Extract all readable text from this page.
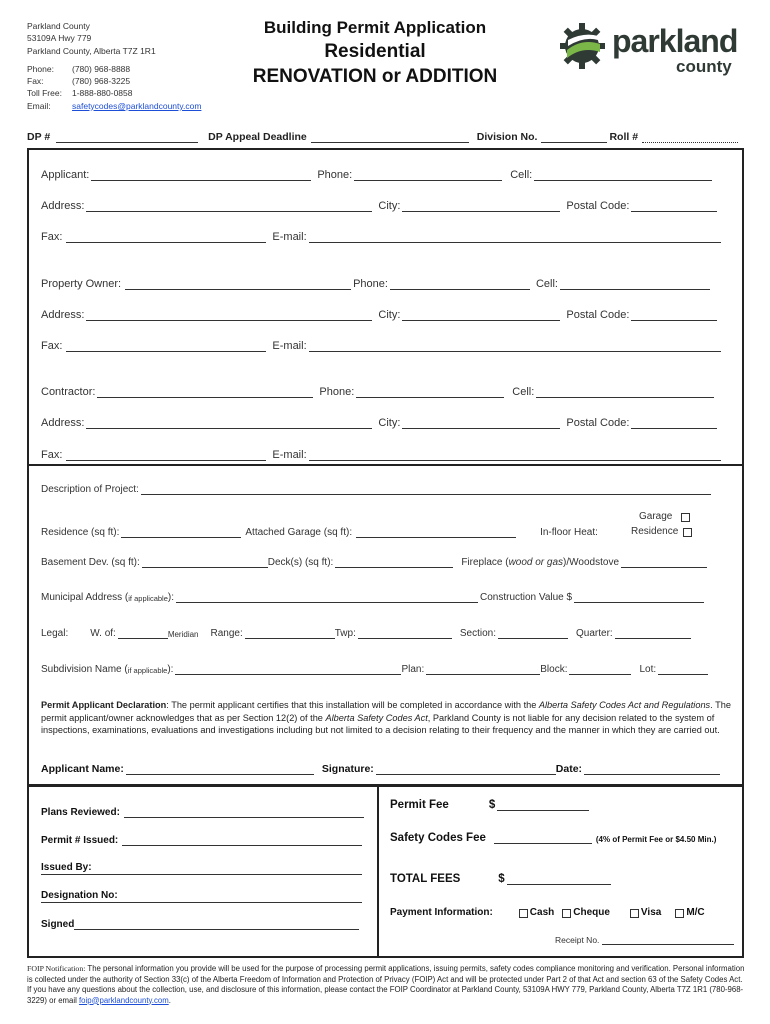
Parkland County
53109A Hwy 779
Parkland County, Alberta T7Z 1R1
Phone:	(780) 968-8888
Fax:	(780) 968-3225
Toll Free:	1-888-880-0858
Email:	safetycodes@parklandcounty.com
Building Permit Application
Residential
RENOVATION or ADDITION
parkland
county
DP #	DP Appeal Deadline	Division No.	Roll #
Applicant:	Phone:	Cell:
Address:	City:	Postal Code:
Fax:	E-mail:
Property Owner:	Phone:	Cell:
Address:	City:	Postal Code:
Fax:	E-mail:
Contractor:	Phone:	Cell:
Address:	City:	Postal Code:
Fax:	E-mail:
Description of Project:
Residence (sq ft):	Attached Garage (sq ft):	In-floor Heat:
Garage
Residence
Basement Dev. (sq ft):	Deck(s) (sq ft):	Fireplace ( wood or gas )/Woodstove
Municipal Address ( if applicable ):	Construction Value $
Legal: W. of:	Meridian Range:	Twp:	Section:	Quarter:
Subdivision Name ( if applicable ):	Plan:	Block:	Lot:
Permit Applicant Declaration: The permit applicant certifies that this installation will be completed in accordance with the Alberta Safety Codes Act and Regulations. The permit applicant/owner acknowledges that as per Section 12(2) of the Alberta Safety Codes Act, Parkland County is not liable for any decision related to the system of inspections, examinations, evaluations and investigations including but not limited to a decision relating to their frequency and the manner in which they are carried out.
Applicant Name:	Signature:	Date:
Plans Reviewed:
Permit # Issued:
Issued By:
Designation No:
Signed
Permit Fee	$
Safety Codes Fee	(4% of Permit Fee or $4.50 Min.)
TOTAL FEES	$
Payment Information:	Cash Cheque	Visa	M/C
Receipt No.
FOIP Notification: The personal information you provide will be used for the purpose of processing permit applications, issuing permits, safety codes compliance monitoring and verification. Personal information is collected under the authority of Section 33(c) of the Alberta Freedom of Information and Protection of Privacy (FOIP) Act and will be protected under Part 2 of that Act and section 63 of the Safety Codes Act. If you have any questions about the collection, use, and disclosure of this information, please contact the FOIP Coordinator at Parkland County, 53109A HWY 779, Parkland County, Alberta T7Z 1R1 (780-968-3229) or email foip@parklandcounty.com.
